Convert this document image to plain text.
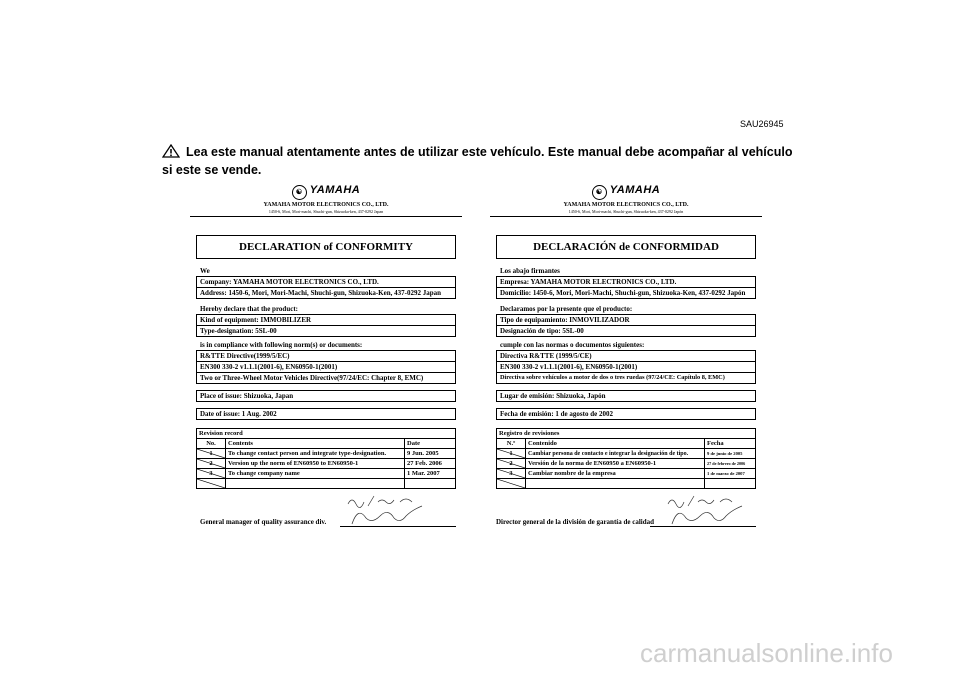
SAU26945
Lea este manual atentamente antes de utilizar este vehículo. Este manual debe acompañar al vehículo si este se vende.
☯ YAMAHA
YAMAHA MOTOR ELECTRONICS CO., LTD.
1450-6, Mori, Mori-machi, Shuchi-gun, Shizuoka-ken, 437-0292 Japan
DECLARATION of CONFORMITY
We
Company: YAMAHA MOTOR ELECTRONICS CO., LTD.
Address: 1450-6, Mori, Mori-Machi, Shuchi-gun, Shizuoka-Ken, 437-0292 Japan
Hereby declare that the product:
Kind of equipment: IMMOBILIZER
Type-designation: 5SL-00
is in compliance with following norm(s) or documents:
R&TTE Directive(1999/5/EC)
EN300 330-2 v1.1.1(2001-6), EN60950-1(2001)
Two or Three-Wheel Motor Vehicles Directive(97/24/EC: Chapter 8, EMC)
Place of issue: Shizuoka, Japan
Date of issue: 1 Aug. 2002
Revision record		
No.	Contents	Date

1	To change contact person and integrate type-designation.	9 Jun. 2005

2	Version up the norm of EN60950 to EN60950-1	27 Feb. 2006

3	To change company name	1 Mar. 2007

General manager of quality assurance div.
☯ YAMAHA
YAMAHA MOTOR ELECTRONICS CO., LTD.
1450-6, Mori, Mori-machi, Shuchi-gun, Shizuoka-ken, 437-0292 Japón
DECLARACIÓN de CONFORMIDAD
Los abajo firmantes
Empresa: YAMAHA MOTOR ELECTRONICS CO., LTD.
Domicilio: 1450-6, Mori, Mori-Machi, Shuchi-gun, Shizuoka-Ken, 437-0292 Japón
Declaramos por la presente que el producto:
Tipo de equipamiento: INMOVILIZADOR
Designación de tipo: 5SL-00
cumple con las normas o documentos siguientes:
Directiva R&TTE (1999/5/CE)
EN300 330-2 v1.1.1(2001-6), EN60950-1(2001)
Directiva sobre vehículos a motor de dos o tres ruedas (97/24/CE: Capítulo 8, EMC)
Lugar de emisión: Shizuoka, Japón
Fecha de emisión: 1 de agosto de 2002
Registro de revisiones		
N.º	Contenido	Fecha

1	Cambiar persona de contacto e integrar la designación de tipo.	9 de junio de 2005

2	Versión de la norma de EN60950 a EN60950-1	27 de febrero de 2006

3	Cambiar nombre de la empresa	1 de marzo de 2007

Director general de la división de garantía de calidad
carmanualsonline.info
